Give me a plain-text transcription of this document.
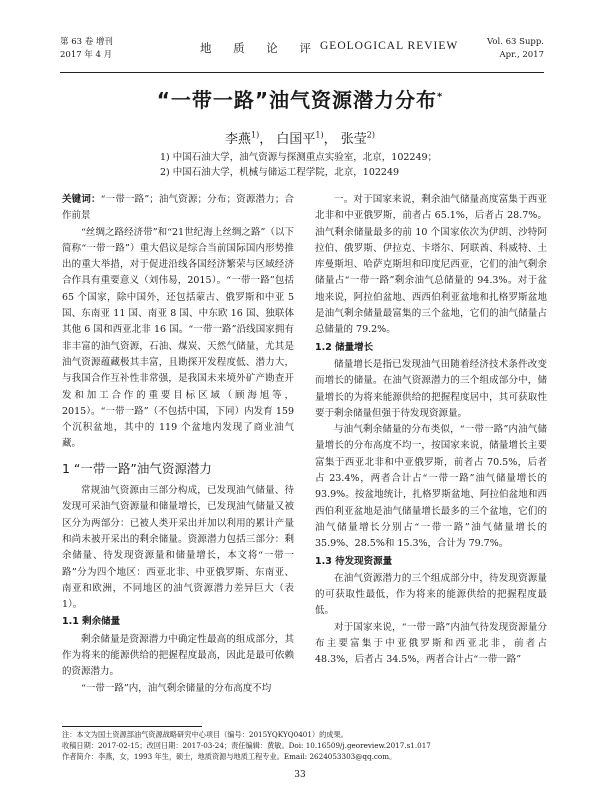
第 63 卷 增刊
2017 年 4 月	地 质 论 评 GEOLOGICAL REVIEW	Vol. 63 Supp.
Apr., 2017
“一带一路”油气资源潜力分布*
李燕$^{1)}$， 白国平$^{1)}$， 张莹$^{2)}$
1) 中国石油大学，油气资源与探测重点实验室，北京，102249；
2) 中国石油大学，机械与储运工程学院，北京，102249

关键词：“一带一路”；油气资源；分布；资源潜力；合作前景

“丝绸之路经济带”和“21世纪海上丝绸之路”（以下简称“一带一路”）重大倡议是综合当前国际国内形势推出的重大举措，对于促进沿线各国经济繁荣与区域经济合作具有重要意义（刘伟易，2015）。“一带一路”包括 65 个国家，除中国外，还包括蒙古、俄罗斯和中亚 5 国、东南亚 11 国、南亚 8 国、中东欧 16 国、独联体其他 6 国和西亚北非 16 国。“一带一路”沿线国家拥有非丰富的油气资源，石油、煤炭、天然气储量，尤其是油气资源蕴藏极其丰富，且勘探开发程度低、潜力大，与我国合作互补性非常强，是我国未来境外矿产勘查开发和加工合作的重要目标区域（顾海旭等，2015）。“一带一路”（不包括中国，下同）内发育 159 个沉积盆地，其中的 119 个盆地内发现了商业油气藏。

1 “一带一路”油气资源潜力

常规油气资源由三部分构成，已发现油气储量、待发现可采油气资源量和储量增长，已发现油气储量又被区分为两部分：已被人类开采出并加以利用的累计产量和尚未被开采出的剩余储量。资源潜力包括三部分：剩余储量、待发现资源量和储量增长，本文将“一带一路”分为四个地区：西亚北非、中亚俄罗斯、东南亚、南亚和欧洲，不同地区的油气资源潜力差异巨大（表 1）。

1.1 剩余储量

剩余储量是资源潜力中确定性最高的组成部分，其作为将来的能源供给的把握程度最高，因此是最可依赖的资源潜力。

“一带一路”内，油气剩余储量的分布高度不均

一。对于国家来说，剩余油气储量高度富集于西亚北非和中亚俄罗斯，前者占 65.1%，后者占 28.7%。油气剩余储量最多的前 10 个国家依次为伊朗、沙特阿拉伯、俄罗斯、伊拉克、卡塔尔、阿联酋、科威特、土库曼斯坦、哈萨克斯坦和印度尼西亚，它们的油气剩余储量占“一带一路”剩余油气总储量的 94.3%。对于盆地来说，阿拉伯盆地、西西伯利亚盆地和扎格罗斯盆地是油气剩余储量最富集的三个盆地，它们的油气储量占总储量的 79.2%。

1.2 储量增长

储量增长是指已发现油气田随着经济技术条件改变而增长的储量。在油气资源潜力的三个组成部分中，储量增长的为将来能源供给的把握程度居中，其可获取性要于剩余储量但强于待发现资源量。

与油气剩余储量的分布类似，“一带一路”内油气储量增长的分布高度不均一，按国家来说，储量增长主要富集于西亚北非和中亚俄罗斯，前者占 70.5%，后者占 23.4%，两者合计占“一带一路”油气储量增长的 93.9%。按盆地统计，扎格罗斯盆地、阿拉伯盆地和西西伯利亚盆地是油气储量增长最多的三个盆地，它们的油气储量增长分别占“一带一路”油气储量增长的 35.9%、28.5%和 15.3%，合计为 79.7%。

1.3 待发现资源量

在油气资源潜力的三个组成部分中，待发现资源量的可获取性最低，作为将来的能源供给的把握程度最低。

对于国家来说，“一带一路”内油气待发现资源量分布主要富集于中亚俄罗斯和西亚北非，前者占 48.3%，后者占 34.5%，两者合计占“一带一路”

注：本文为国土资源部油气资源战略研究中心项目（编号：2015YQKYQ0401）的成果。
收稿日期：2017-02-15；改回日期：2017-03-24；责任编辑：黄敏。Doi: 10.16509/j.georeview.2017.s1.017
作者简介：李燕，女，1993 年生，硕士，地质资源与地质工程专业。Email: 2624053303@qq.com。
33
